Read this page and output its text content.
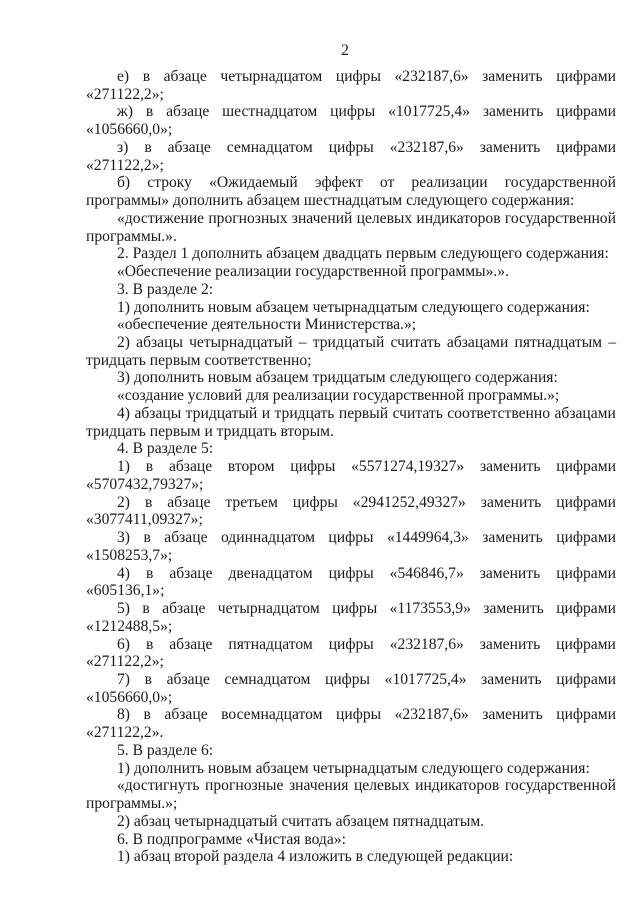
2
е) в абзаце четырнадцатом цифры «232187,6» заменить цифрами
«271122,2»;
ж) в абзаце шестнадцатом цифры «1017725,4» заменить цифрами
«1056660,0»;
з) в абзаце семнадцатом цифры «232187,6» заменить цифрами
«271122,2»;
б) строку «Ожидаемый эффект от реализации государственной
программы» дополнить абзацем шестнадцатым следующего содержания:
«достижение прогнозных значений целевых индикаторов государственной
программы.».
2. Раздел 1 дополнить абзацем двадцать первым следующего содержания:
«Обеспечение реализации государственной программы».».
3. В разделе 2:
1) дополнить новым абзацем четырнадцатым следующего содержания:
«обеспечение деятельности Министерства.»;
2) абзацы четырнадцатый – тридцатый считать абзацами пятнадцатым –
тридцать первым соответственно;
3) дополнить новым абзацем тридцатым следующего содержания:
«создание условий для реализации государственной программы.»;
4) абзацы тридцатый и тридцать первый считать соответственно абзацами
тридцать первым и тридцать вторым.
4. В разделе 5:
1) в абзаце втором цифры «5571274,19327» заменить цифрами
«5707432,79327»;
2) в абзаце третьем цифры «2941252,49327» заменить цифрами
«3077411,09327»;
3) в абзаце одиннадцатом цифры «1449964,3» заменить цифрами
«1508253,7»;
4) в абзаце двенадцатом цифры «546846,7» заменить цифрами
«605136,1»;
5) в абзаце четырнадцатом цифры «1173553,9» заменить цифрами
«1212488,5»;
6) в абзаце пятнадцатом цифры «232187,6» заменить цифрами
«271122,2»;
7) в абзаце семнадцатом цифры «1017725,4» заменить цифрами
«1056660,0»;
8) в абзаце восемнадцатом цифры «232187,6» заменить цифрами
«271122,2».
5. В разделе 6:
1) дополнить новым абзацем четырнадцатым следующего содержания:
«достигнуть прогнозные значения целевых индикаторов государственной
программы.»;
2) абзац четырнадцатый считать абзацем пятнадцатым.
6. В подпрограмме «Чистая вода»:
1) абзац второй раздела 4 изложить в следующей редакции:
